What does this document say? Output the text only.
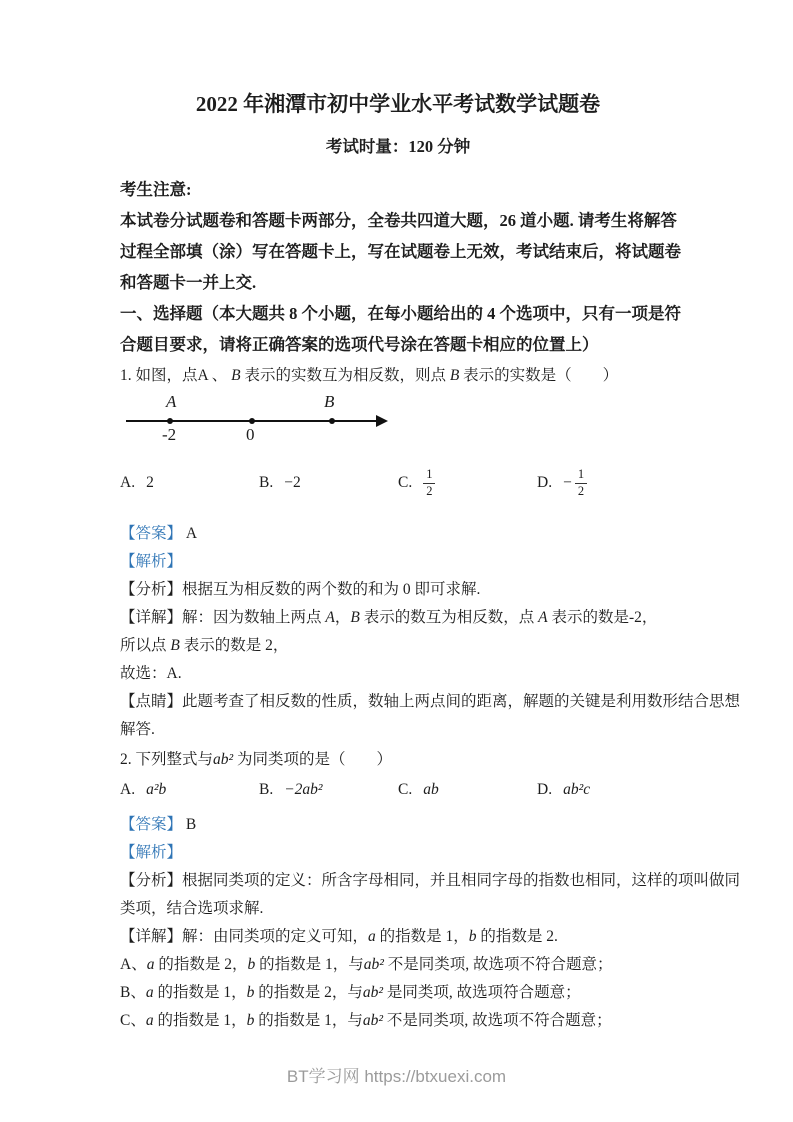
2022 年湘潭市初中学业水平考试数学试题卷
考试时量：120 分钟
考生注意:
本试卷分试题卷和答题卡两部分，全卷共四道大题，26 道小题. 请考生将解答
过程全部填（涂）写在答题卡上，写在试题卷上无效，考试结束后，将试题卷
和答题卡一并上交.
一、选择题（本大题共 8 个小题，在每小题给出的 4 个选项中，只有一项是符
合题目要求，请将正确答案的选项代号涂在答题卡相应的位置上）
1. 如图，点A 、 B 表示的实数互为相反数，则点 B 表示的实数是（　　）
A	B
-2	0
A. 2	B. −2	C. $\frac{1}{2}$	D. − $\frac{1}{2}$
【答案】 A
【解析】
【分析】根据互为相反数的两个数的和为 0 即可求解.
【详解】解：因为数轴上两点 A，B 表示的数互为相反数，点 A 表示的数是-2，
所以点 B 表示的数是 2，
故选：A.
【点睛】此题考查了相反数的性质，数轴上两点间的距离，解题的关键是利用数形结合思想
解答.
2. 下列整式与ab² 为同类项的是（　　）
A. a²b	B. −2ab²	C. ab	D. ab²c
【答案】 B
【解析】
【分析】根据同类项的定义：所含字母相同，并且相同字母的指数也相同，这样的项叫做同
类项，结合选项求解.
【详解】解：由同类项的定义可知，a 的指数是 1，b 的指数是 2.
A、a 的指数是 2，b 的指数是 1，与ab² 不是同类项, 故选项不符合题意；
B、a 的指数是 1，b 的指数是 2，与ab² 是同类项, 故选项符合题意；
C、a 的指数是 1，b 的指数是 1，与ab² 不是同类项, 故选项不符合题意；
BT学习网 https://btxuexi.com
